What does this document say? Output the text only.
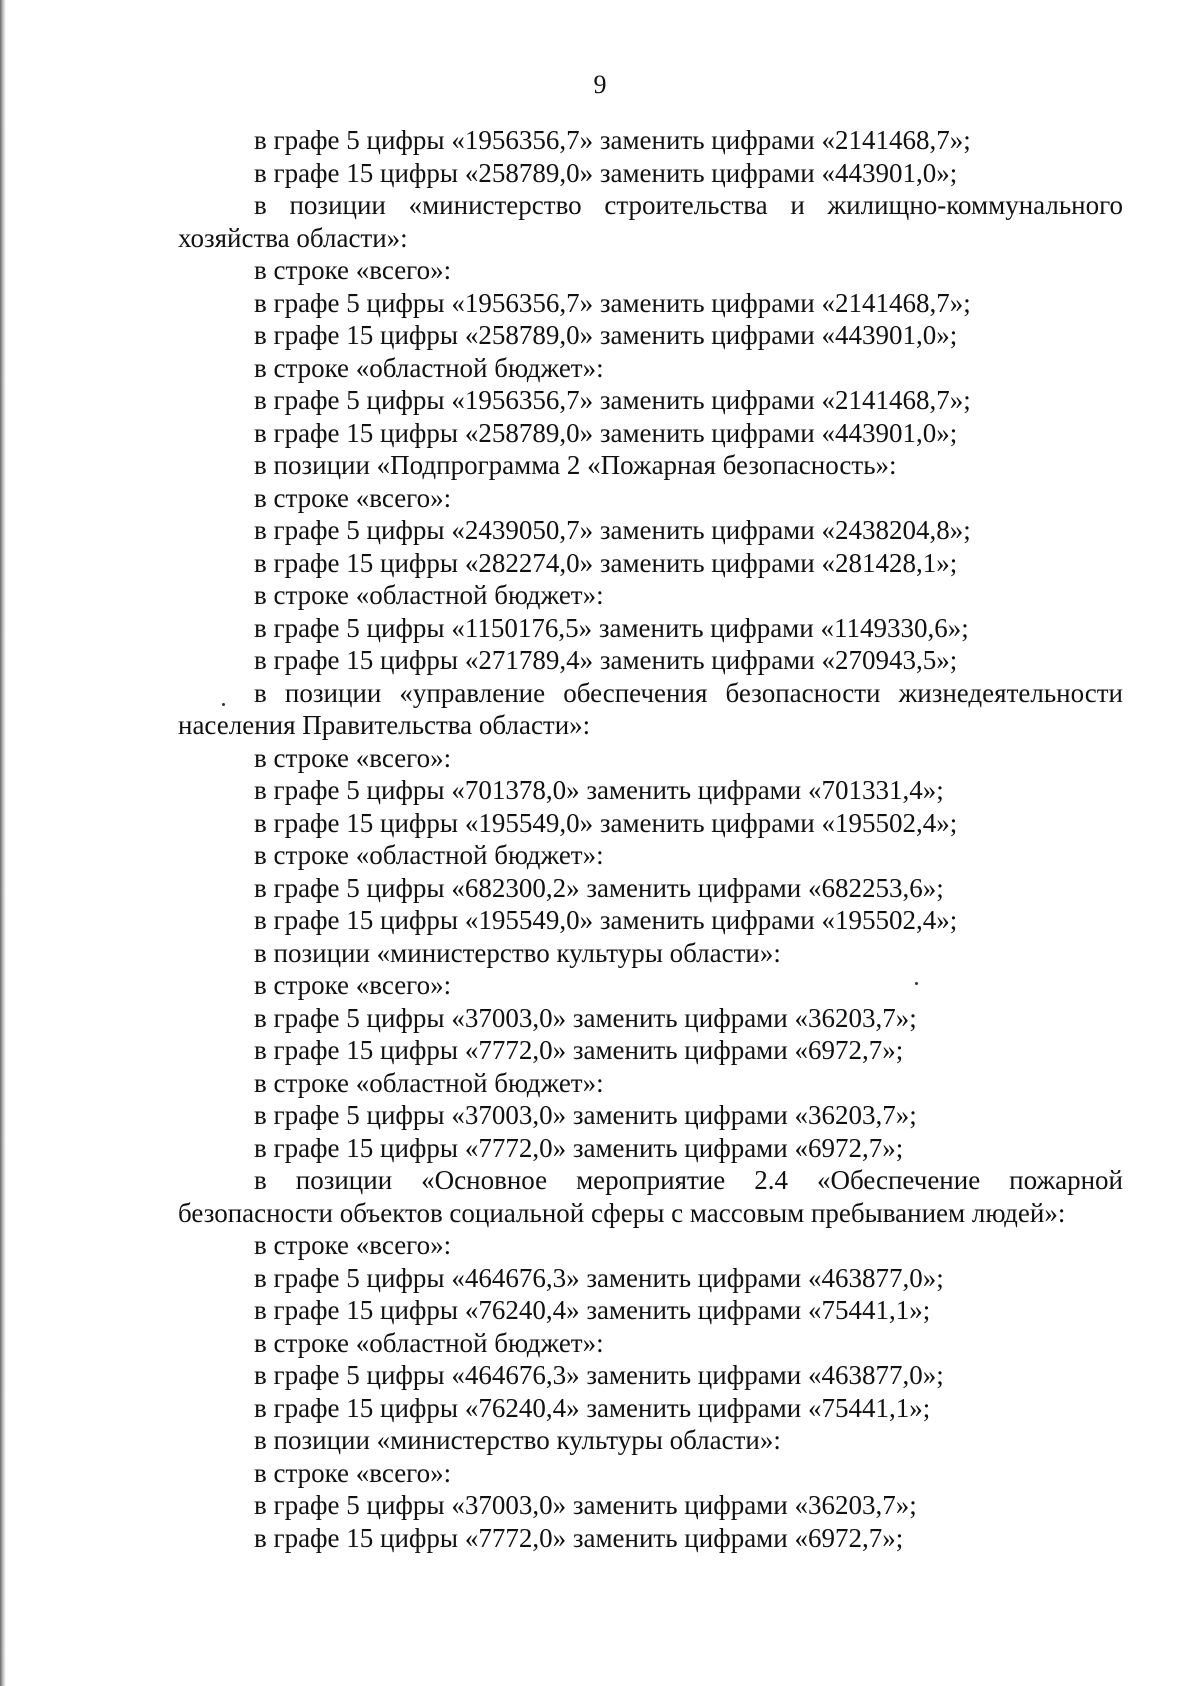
9

в графе 5 цифры «1956356,7» заменить цифрами «2141468,7»;

в графе 15 цифры «258789,0» заменить цифрами «443901,0»;

в позиции «министерство строительства и жилищно-коммунального хозяйства области»:

в строке «всего»:

в графе 5 цифры «1956356,7» заменить цифрами «2141468,7»;

в графе 15 цифры «258789,0» заменить цифрами «443901,0»;

в строке «областной бюджет»:

в графе 5 цифры «1956356,7» заменить цифрами «2141468,7»;

в графе 15 цифры «258789,0» заменить цифрами «443901,0»;

в позиции «Подпрограмма 2 «Пожарная безопасность»:

в строке «всего»:

в графе 5 цифры «2439050,7» заменить цифрами «2438204,8»;

в графе 15 цифры «282274,0» заменить цифрами «281428,1»;

в строке «областной бюджет»:

в графе 5 цифры «1150176,5» заменить цифрами «1149330,6»;

в графе 15 цифры «271789,4» заменить цифрами «270943,5»;

в позиции «управление обеспечения безопасности жизнедеятельности населения Правительства области»:

в строке «всего»:

в графе 5 цифры «701378,0» заменить цифрами «701331,4»;

в графе 15 цифры «195549,0» заменить цифрами «195502,4»;

в строке «областной бюджет»:

в графе 5 цифры «682300,2» заменить цифрами «682253,6»;

в графе 15 цифры «195549,0» заменить цифрами «195502,4»;

в позиции «министерство культуры области»:

в строке «всего»:

в графе 5 цифры «37003,0» заменить цифрами «36203,7»;

в графе 15 цифры «7772,0» заменить цифрами «6972,7»;

в строке «областной бюджет»:

в графе 5 цифры «37003,0» заменить цифрами «36203,7»;

в графе 15 цифры «7772,0» заменить цифрами «6972,7»;

в позиции «Основное мероприятие 2.4 «Обеспечение пожарной безопасности объектов социальной сферы с массовым пребыванием людей»:

в строке «всего»:

в графе 5 цифры «464676,3» заменить цифрами «463877,0»;

в графе 15 цифры «76240,4» заменить цифрами «75441,1»;

в строке «областной бюджет»:

в графе 5 цифры «464676,3» заменить цифрами «463877,0»;

в графе 15 цифры «76240,4» заменить цифрами «75441,1»;

в позиции «министерство культуры области»:

в строке «всего»:

в графе 5 цифры «37003,0» заменить цифрами «36203,7»;

в графе 15 цифры «7772,0» заменить цифрами «6972,7»;
